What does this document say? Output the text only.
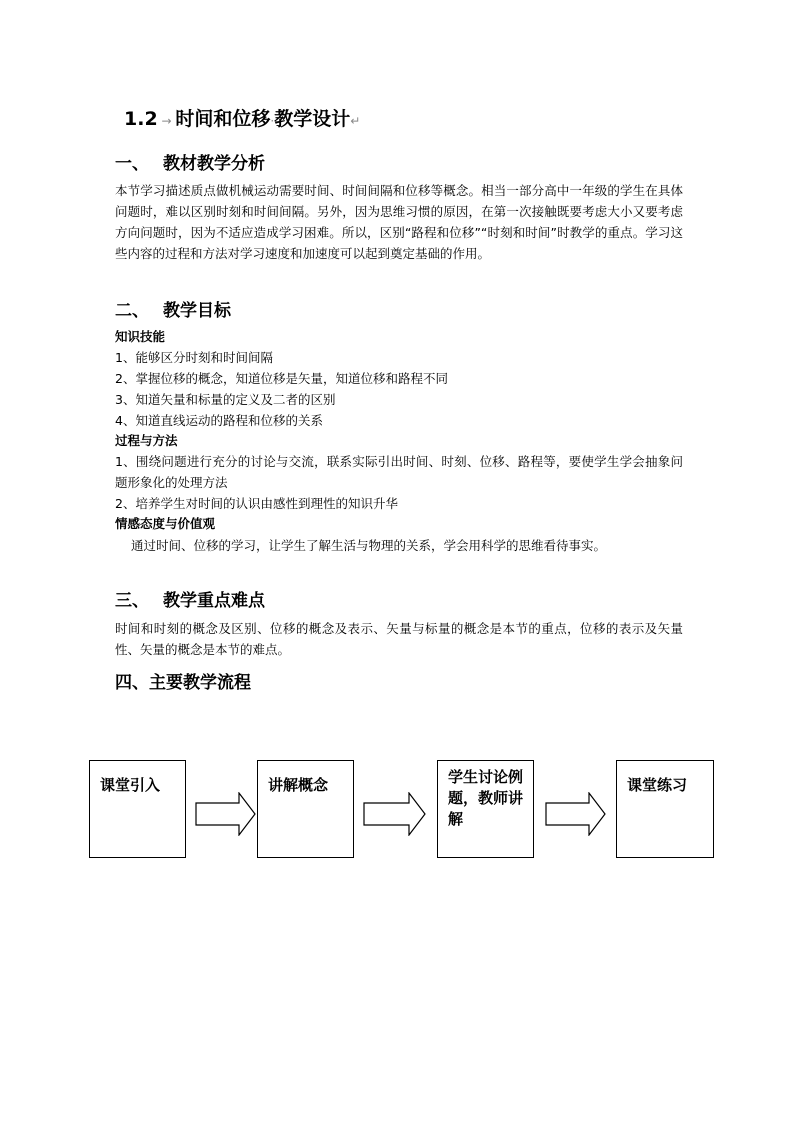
1.2 → 时间和位移·教学设计↵
一、 教材教学分析
本节学习描述质点做机械运动需要时间、时间间隔和位移等概念。相当一部分高中一年级的学生在具体问题时，难以区别时刻和时间间隔。另外，因为思维习惯的原因，在第一次接触既要考虑大小又要考虑方向问题时，因为不适应造成学习困难。所以，区别“路程和位移”“时刻和时间”时教学的重点。学习这些内容的过程和方法对学习速度和加速度可以起到奠定基础的作用。
二、 教学目标
知识技能
1、能够区分时刻和时间间隔
2、掌握位移的概念，知道位移是矢量，知道位移和路程不同
3、知道矢量和标量的定义及二者的区别
4、知道直线运动的路程和位移的关系
过程与方法
1、围绕问题进行充分的讨论与交流，联系实际引出时间、时刻、位移、路程等，要使学生学会抽象问题形象化的处理方法
2、培养学生对时间的认识由感性到理性的知识升华
情感态度与价值观
通过时间、位移的学习，让学生了解生活与物理的关系，学会用科学的思维看待事实。
三、 教学重点难点
时间和时刻的概念及区别、位移的概念及表示、矢量与标量的概念是本节的重点，位移的表示及矢量性、矢量的概念是本节的难点。
四、主要教学流程
课堂引入	讲解概念	学生讨论例题，教师讲解
课堂练习
